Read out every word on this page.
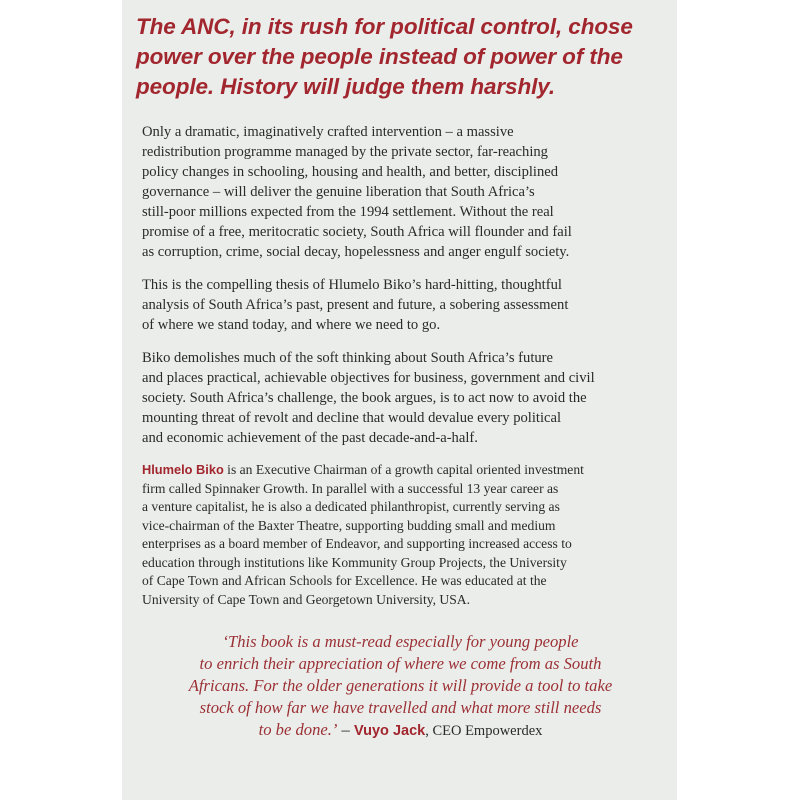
The ANC, in its rush for political control, chose power over the people instead of power of the people. History will judge them harshly.

Only a dramatic, imaginatively crafted intervention – a massive
redistribution programme managed by the private sector, far-reaching
policy changes in schooling, housing and health, and better, disciplined
governance – will deliver the genuine liberation that South Africa’s
still-poor millions expected from the 1994 settlement. Without the real
promise of a free, meritocratic society, South Africa will flounder and fail
as corruption, crime, social decay, hopelessness and anger engulf society.

This is the compelling thesis of Hlumelo Biko’s hard-hitting, thoughtful
analysis of South Africa’s past, present and future, a sobering assessment
of where we stand today, and where we need to go.

Biko demolishes much of the soft thinking about South Africa’s future
and places practical, achievable objectives for business, government and civil
society. South Africa’s challenge, the book argues, is to act now to avoid the
mounting threat of revolt and decline that would devalue every political
and economic achievement of the past decade-and-a-half.

Hlumelo Biko is an Executive Chairman of a growth capital oriented investment
firm called Spinnaker Growth. In parallel with a successful 13 year career as
a venture capitalist, he is also a dedicated philanthropist, currently serving as
vice-chairman of the Baxter Theatre, supporting budding small and medium
enterprises as a board member of Endeavor, and supporting increased access to
education through institutions like Kommunity Group Projects, the University
of Cape Town and African Schools for Excellence. He was educated at the
University of Cape Town and Georgetown University, USA.

‘This book is a must-read especially for young people
to enrich their appreciation of where we come from as South
Africans. For the older generations it will provide a tool to take
stock of how far we have travelled and what more still needs
to be done.’ – Vuyo Jack, CEO Empowerdex
